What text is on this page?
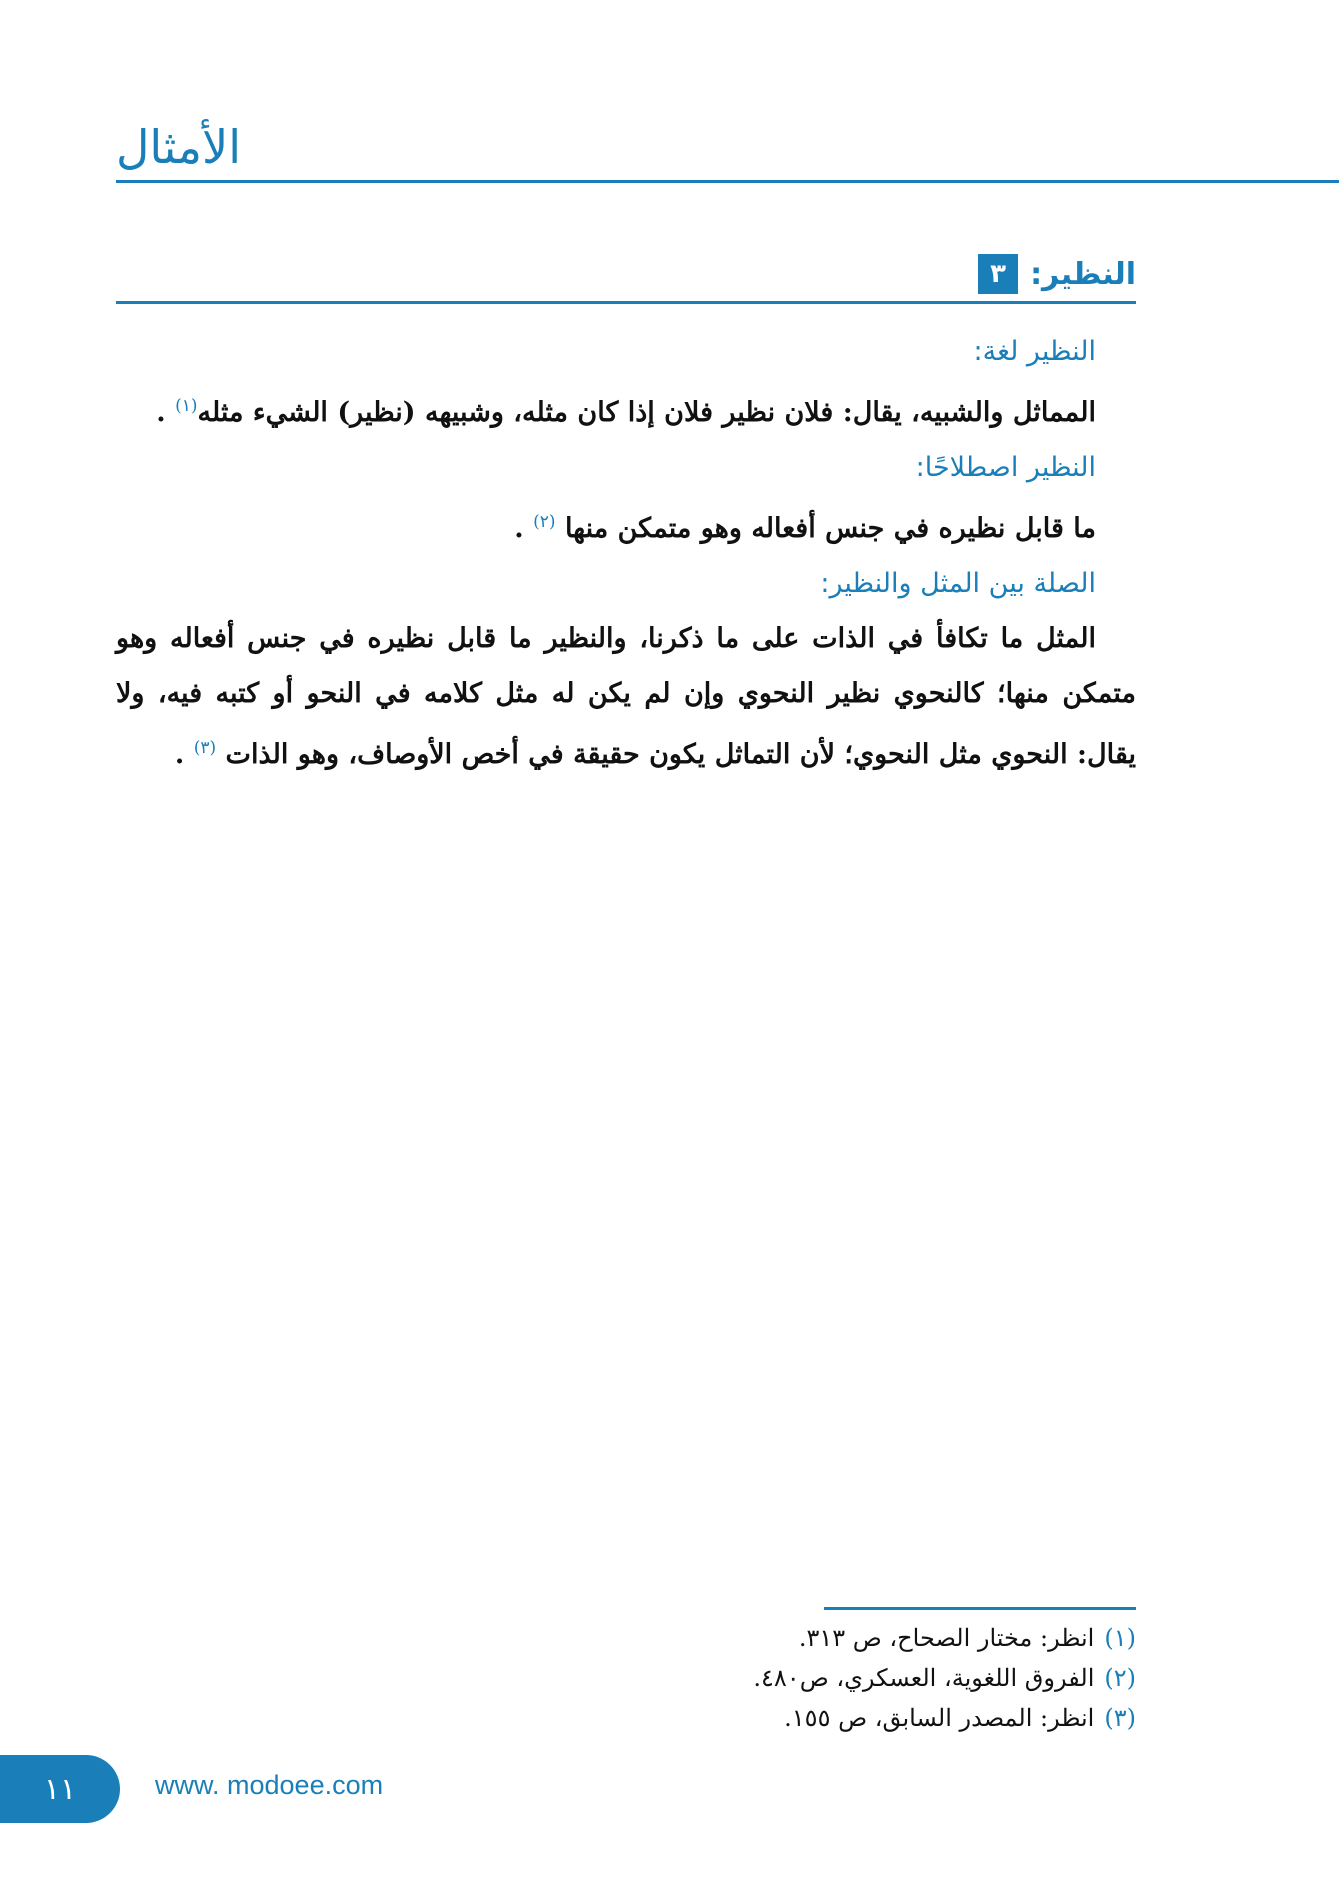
الأمثال
٣ النظير:

النظير لغة:

المماثل والشبيه، يقال: فلان نظير فلان إذا كان مثله، وشبيهه (نظير) الشيء مثله$^{(١)}$ .

النظير اصطلاحًا:

ما قابل نظيره في جنس أفعاله وهو متمكن منها $^{(٢)}$ .

الصلة بين المثل والنظير:

المثل ما تكافأ في الذات على ما ذكرنا، والنظير ما قابل نظيره في جنس أفعاله وهو متمكن منها؛ كالنحوي نظير النحوي وإن لم يكن له مثل كلامه في النحو أو كتبه فيه، ولا يقال: النحوي مثل النحوي؛ لأن التماثل يكون حقيقة في أخص الأوصاف، وهو الذات $^{(٣)}$ .

(١)
انظر: مختار الصحاح، ص ٣١٣.
(٢)
الفروق اللغوية، العسكري، ص٤٨٠.
(٣)
انظر: المصدر السابق، ص ١٥٥.
١١	www. modoee.com
